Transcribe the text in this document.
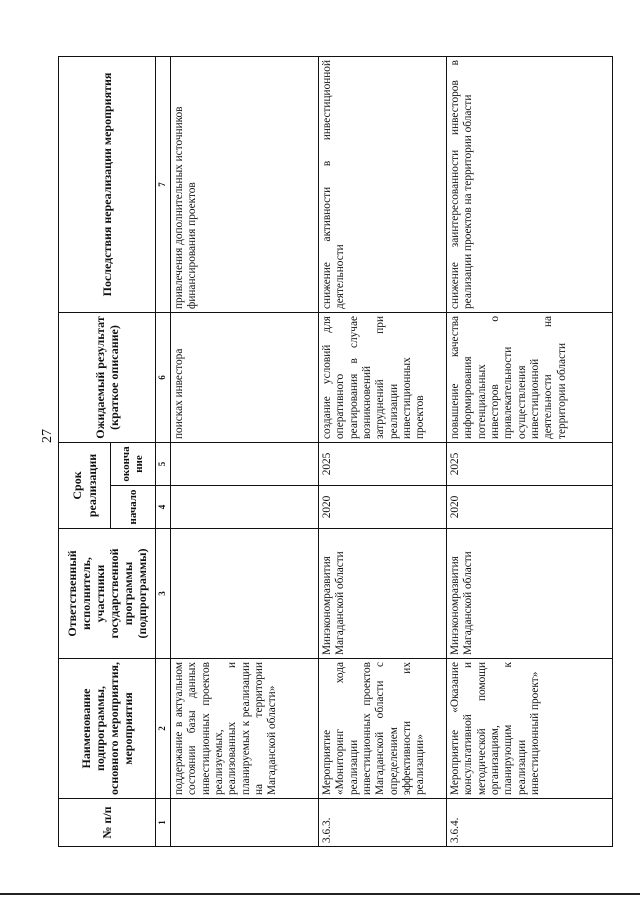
27
№ п/п	Наименование подпрограммы, основного мероприятия, мероприятия	Ответственный исполнитель, участники государственной программы (подпрограммы)	Срок реализации		Ожидаемый результат (краткое описание)	Последствия нереализации мероприятия
			начало	оконча ние		
1	2	3	4	5	6	7
	поддержание в актуальном состоянии базы данных инвестиционных проектов реализуемых, реализованных и планируемых к реализации на территории Магаданской области»				поисках инвестора	привлечения дополнительных источников финансирования проектов
3.6.3.	Мероприятие «Мониторинг хода реализации инвестиционных проектов Магаданской области с определением эффективности их реализации»	Минэкономразвития Магаданской области	2020	2025	создание условий для оперативного реагирования в случае возникновений затруднений при реализации инвестиционных проектов	снижение активности в инвестиционной деятельности
3.6.4.	Мероприятие «Оказание консультативной и методической помощи организациям, планирующим к реализации инвестиционный проект»	Минэкономразвития Магаданской области	2020	2025	повышение качества информирования потенциальных инвесторов о привлекательности осуществления инвестиционной деятельности на территории области	снижение заинтересованности инвесторов в реализации проектов на территории области
